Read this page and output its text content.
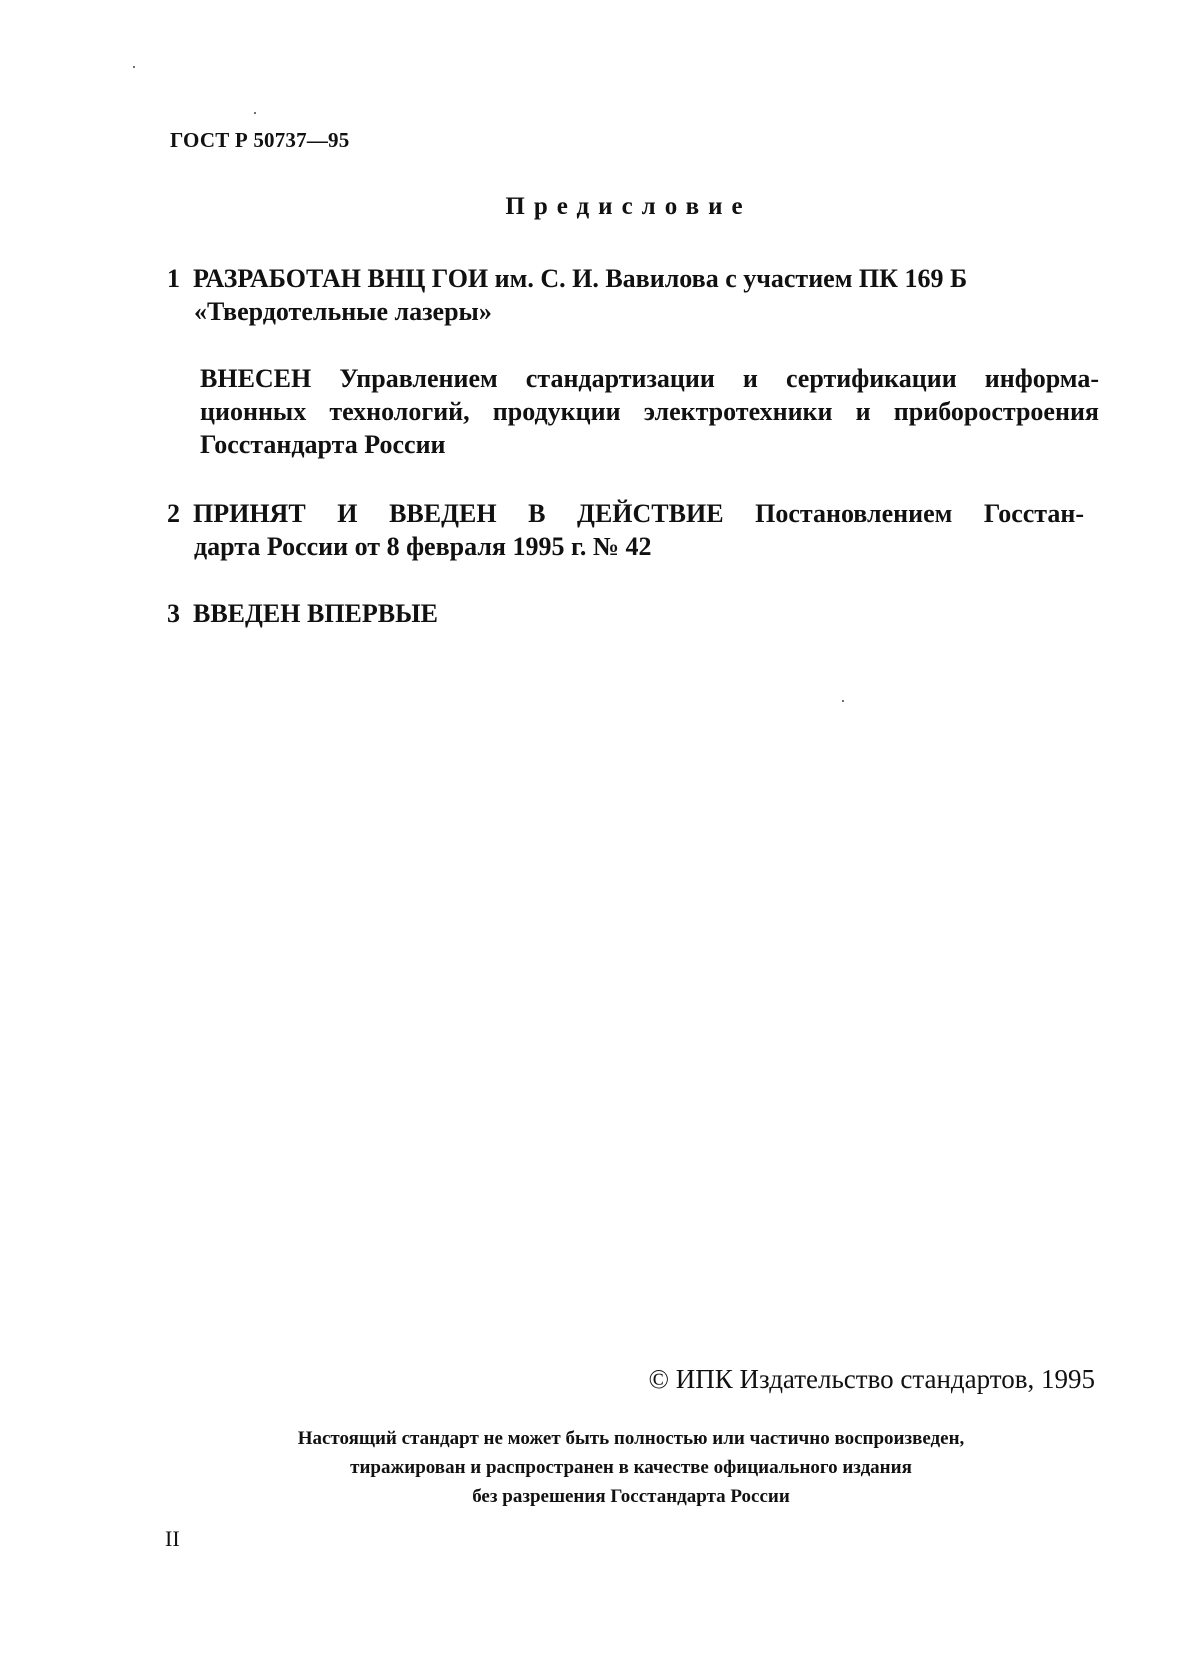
ГОСТ Р 50737—95
Предисловие
1 РАЗРАБОТАН ВНЦ ГОИ им. С. И. Вавилова с участием ПК 169 Б
«Твердотельные лазеры»
ВНЕСЕН Управлением стандартизации и сертификации информа-
ционных технологий, продукции электротехники и приборостроения
Госстандарта России
2 ПРИНЯТ И ВВЕДЕН В ДЕЙСТВИЕ Постановлением Госстан-
дарта России от 8 февраля 1995 г. № 42
3 ВВЕДЕН ВПЕРВЫЕ
© ИПК Издательство стандартов, 1995
Настоящий стандарт не может быть полностью или частично воспроизведен,
тиражирован и распространен в качестве официального издания
без разрешения Госстандарта России
II
